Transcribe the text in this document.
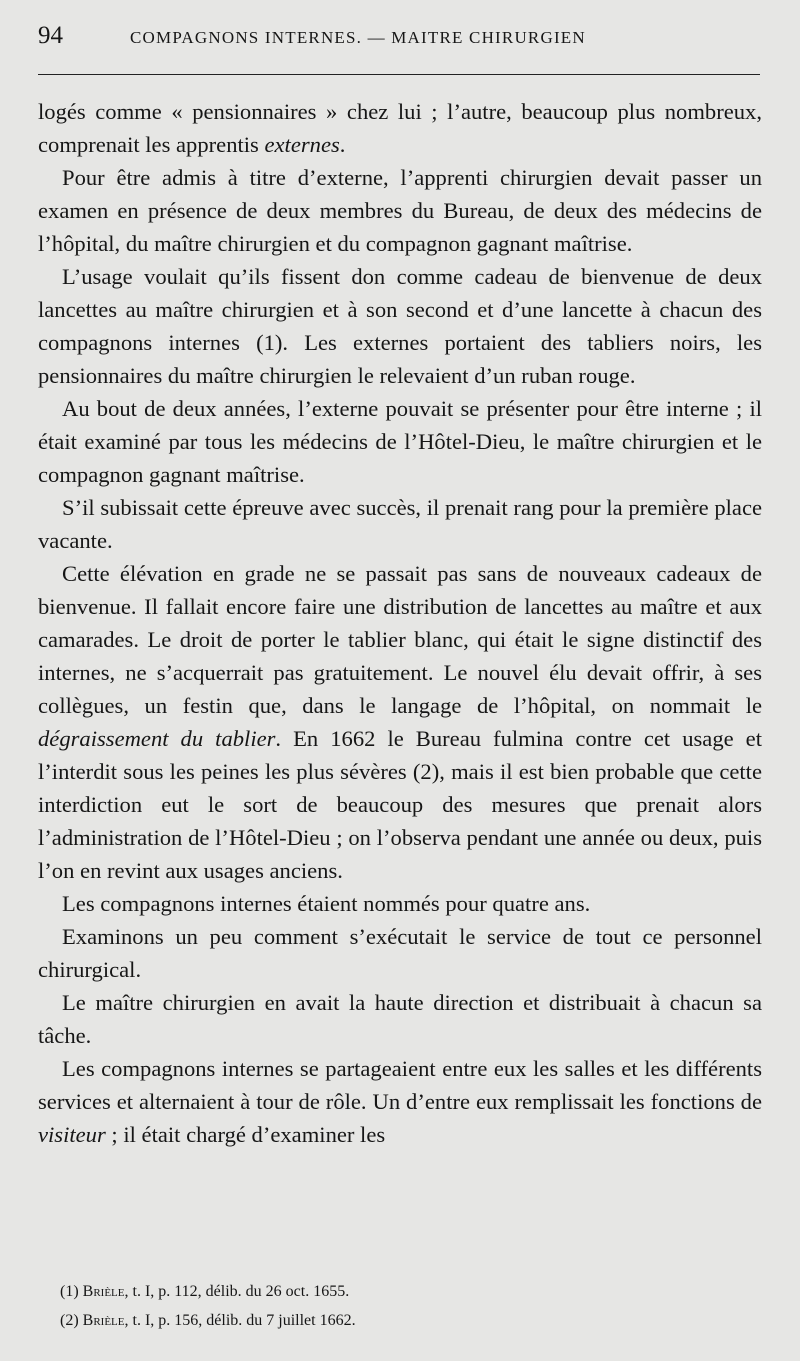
94	COMPAGNONS INTERNES. — MAITRE CHIRURGIEN

logés comme « pensionnaires » chez lui ; l’autre, beaucoup plus nombreux, comprenait les apprentis externes.

Pour être admis à titre d’externe, l’apprenti chirurgien devait passer un examen en présence de deux membres du Bureau, de deux des médecins de l’hôpital, du maître chirurgien et du compagnon gagnant maîtrise.

L’usage voulait qu’ils fissent don comme cadeau de bienvenue de deux lancettes au maître chirurgien et à son second et d’une lancette à chacun des compagnons internes (1). Les externes portaient des tabliers noirs, les pensionnaires du maître chirurgien le relevaient d’un ruban rouge.

Au bout de deux années, l’externe pouvait se présenter pour être interne ; il était examiné par tous les médecins de l’Hôtel-Dieu, le maître chirurgien et le compagnon gagnant maîtrise.

S’il subissait cette épreuve avec succès, il prenait rang pour la première place vacante.

Cette élévation en grade ne se passait pas sans de nouveaux cadeaux de bienvenue. Il fallait encore faire une distribution de lancettes au maître et aux camarades. Le droit de porter le tablier blanc, qui était le signe distinctif des internes, ne s’acquerrait pas gratuitement. Le nouvel élu devait offrir, à ses collègues, un festin que, dans le langage de l’hôpital, on nommait le dégraissement du tablier. En 1662 le Bureau fulmina contre cet usage et l’interdit sous les peines les plus sévères (2), mais il est bien probable que cette interdiction eut le sort de beaucoup des mesures que prenait alors l’administration de l’Hôtel-Dieu ; on l’observa pendant une année ou deux, puis l’on en revint aux usages anciens.

Les compagnons internes étaient nommés pour quatre ans.

Examinons un peu comment s’exécutait le service de tout ce personnel chirurgical.

Le maître chirurgien en avait la haute direction et distribuait à chacun sa tâche.

Les compagnons internes se partageaient entre eux les salles et les différents services et alternaient à tour de rôle. Un d’entre eux remplissait les fonctions de visiteur ; il était chargé d’examiner les

(1) Brièle, t. I, p. 112, délib. du 26 oct. 1655.

(2) Brièle, t. I, p. 156, délib. du 7 juillet 1662.
